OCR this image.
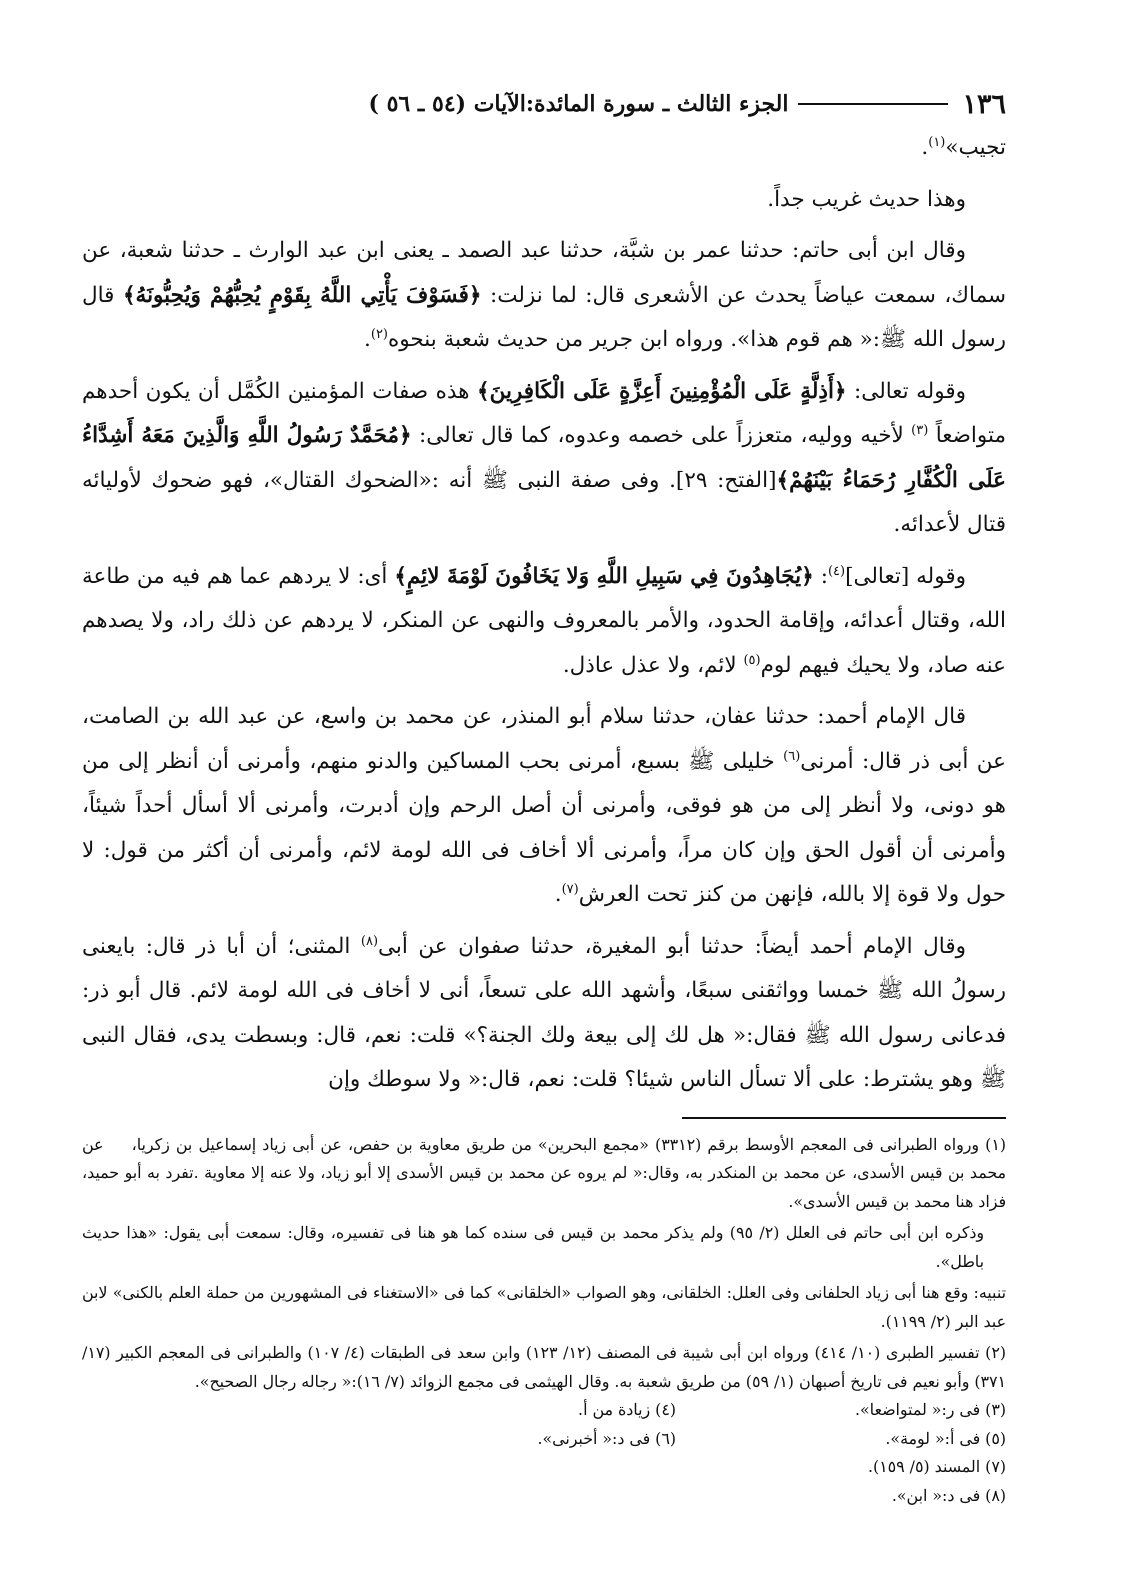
١٣٦
الجزء الثالث ـ سورة المائدة:الآيات (٥٤ ـ ٥٦ )

تجيب»$^{(١)}$.

وهذا حديث غريب جداً.

وقال ابن أبى حاتم: حدثنا عمر بن شبَّة، حدثنا عبد الصمد ـ يعنى ابن عبد الوارث ـ حدثنا شعبة، عن سماك، سمعت عياضاً يحدث عن الأشعرى قال: لما نزلت: ﴿فَسَوْفَ يَأْتِي اللَّهُ بِقَوْمٍ يُحِبُّهُمْ وَيُحِبُّونَهُ﴾ قال رسول الله ﷺ:« هم قوم هذا». ورواه ابن جرير من حديث شعبة بنحوه$^{(٢)}$.

وقوله تعالى: ﴿أَذِلَّةٍ عَلَى الْمُؤْمِنِينَ أَعِزَّةٍ عَلَى الْكَافِرِينَ﴾ هذه صفات المؤمنين الكُمَّل أن يكون أحدهم متواضعاً $^{(٣)}$ لأخيه ووليه، متعززاً على خصمه وعدوه، كما قال تعالى: ﴿مُحَمَّدٌ رَسُولُ اللَّهِ وَالَّذِينَ مَعَهُ أَشِدَّاءُ عَلَى الْكُفَّارِ رُحَمَاءُ بَيْنَهُمْ﴾[الفتح: ٢٩]. وفى صفة النبى ﷺ أنه :«الضحوك القتال»، فهو ضحوك لأوليائه قتال لأعدائه.

وقوله [تعالى]$^{(٤)}$: ﴿يُجَاهِدُونَ فِي سَبِيلِ اللَّهِ وَلا يَخَافُونَ لَوْمَةَ لائِمٍ﴾ أى: لا يردهم عما هم فيه من طاعة الله، وقتال أعدائه، وإقامة الحدود، والأمر بالمعروف والنهى عن المنكر، لا يردهم عن ذلك راد، ولا يصدهم عنه صاد، ولا يحيك فيهم لوم$^{(٥)}$ لائم، ولا عذل عاذل.

قال الإمام أحمد: حدثنا عفان، حدثنا سلام أبو المنذر، عن محمد بن واسع، عن عبد الله بن الصامت، عن أبى ذر قال: أمرنى$^{(٦)}$ خليلى ﷺ بسبع، أمرنى بحب المساكين والدنو منهم، وأمرنى أن أنظر إلى من هو دونى، ولا أنظر إلى من هو فوقى، وأمرنى أن أصل الرحم وإن أدبرت، وأمرنى ألا أسأل أحداً شيئاً، وأمرنى أن أقول الحق وإن كان مراً، وأمرنى ألا أخاف فى الله لومة لائم، وأمرنى أن أكثر من قول: لا حول ولا قوة إلا بالله، فإنهن من كنز تحت العرش$^{(٧)}$.

وقال الإمام أحمد أيضاً: حدثنا أبو المغيرة، حدثنا صفوان عن أبى$^{(٨)}$ المثنى؛ أن أبا ذر قال: بايعنى رسولُ الله ﷺ خمسا وواثقنى سبعًا، وأشهد الله على تسعاً، أنى لا أخاف فى الله لومة لائم. قال أبو ذر: فدعانى رسول الله ﷺ فقال:« هل لك إلى بيعة ولك الجنة؟» قلت: نعم، قال: وبسطت يدى، فقال النبى ﷺ وهو يشترط: على ألا تسأل الناس شيئا؟ قلت: نعم، قال:« ولا سوطك وإن

(١) ورواه الطبرانى فى المعجم الأوسط برقم (٣٣١٢) «مجمع البحرين» من طريق معاوية بن حفص، عن أبى زياد إسماعيل بن زكريا، عن محمد بن قيس الأسدى، عن محمد بن المنكدر به، وقال:« لم يروه عن محمد بن قيس الأسدى إلا أبو زياد، ولا عنه إلا معاوية .تفرد به أبو حميد، فزاد هنا محمد بن قيس الأسدى».

وذكره ابن أبى حاتم فى العلل (٢/ ٩٥) ولم يذكر محمد بن قيس فى سنده كما هو هنا فى تفسيره، وقال: سمعت أبى يقول: «هذا حديث باطل».

تنبيه: وقع هنا أبى زياد الحلفانى وفى العلل: الخلقانى، وهو الصواب «الخلقانى» كما فى «الاستغناء فى المشهورين من حملة العلم بالكنى» لابن عبد البر (٢/ ١١٩٩).

(٢) تفسير الطبرى (١٠/ ٤١٤) ورواه ابن أبى شيبة فى المصنف (١٢/ ١٢٣) وابن سعد فى الطبقات (٤/ ١٠٧) والطبرانى فى المعجم الكبير (١٧/ ٣٧١) وأبو نعيم فى تاريخ أصبهان (١/ ٥٩) من طريق شعبة به. وقال الهيثمى فى مجمع الزوائد (٧/ ١٦):« رجاله رجال الصحيح».

(٣) فى ر:« لمتواضعا».
(٤) زيادة من أ.
(٥) فى أ:« لومة».
(٦) فى د:« أخبرنى».
(٧) المسند (٥/ ١٥٩).
(٨) فى د:« ابن».
